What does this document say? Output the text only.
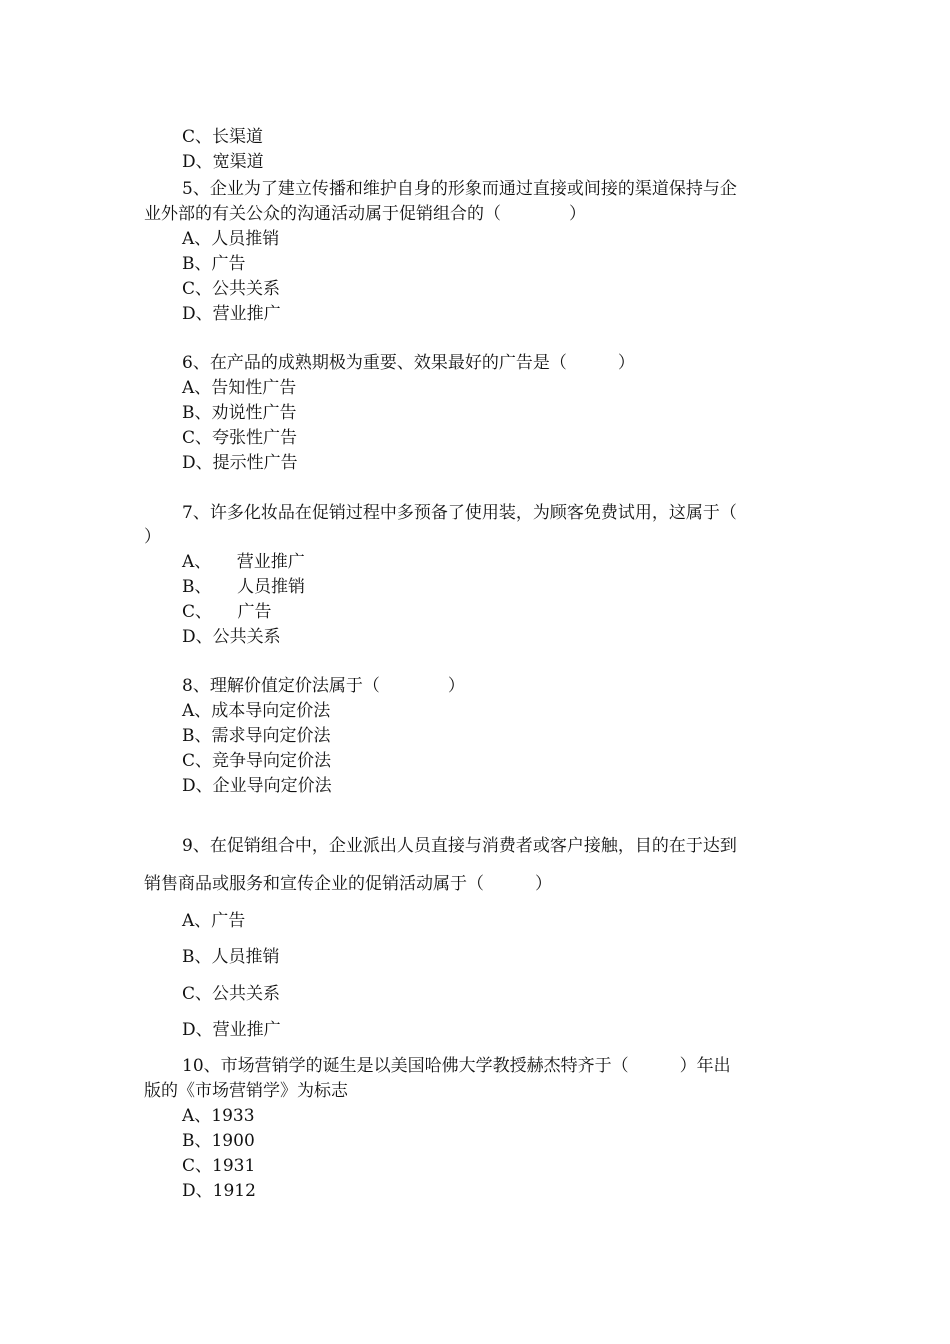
C、长渠道
D、宽渠道
5、企业为了建立传播和维护自身的形象而通过直接或间接的渠道保持与企
业外部的有关公众的沟通活动属于促销组合的（　　　　）
A、人员推销
B、广告
C、公共关系
D、营业推广
6、在产品的成熟期极为重要、效果最好的广告是（　　　）
A、告知性广告
B、劝说性广告
C、夸张性广告
D、提示性广告
7、许多化妆品在促销过程中多预备了使用装，为顾客免费试用，这属于（
）
A、　　营业推广
B、　　人员推销
C、　　广告
D、公共关系
8、理解价值定价法属于（　　　　）
A、成本导向定价法
B、需求导向定价法
C、竞争导向定价法
D、企业导向定价法
9、在促销组合中，企业派出人员直接与消费者或客户接触，目的在于达到
销售商品或服务和宣传企业的促销活动属于（　　　）
A、广告
B、人员推销
C、公共关系
D、营业推广
10、市场营销学的诞生是以美国哈佛大学教授赫杰特齐于（　　　）年出
版的《市场营销学》为标志
A、1933
B、1900
C、1931
D、1912
